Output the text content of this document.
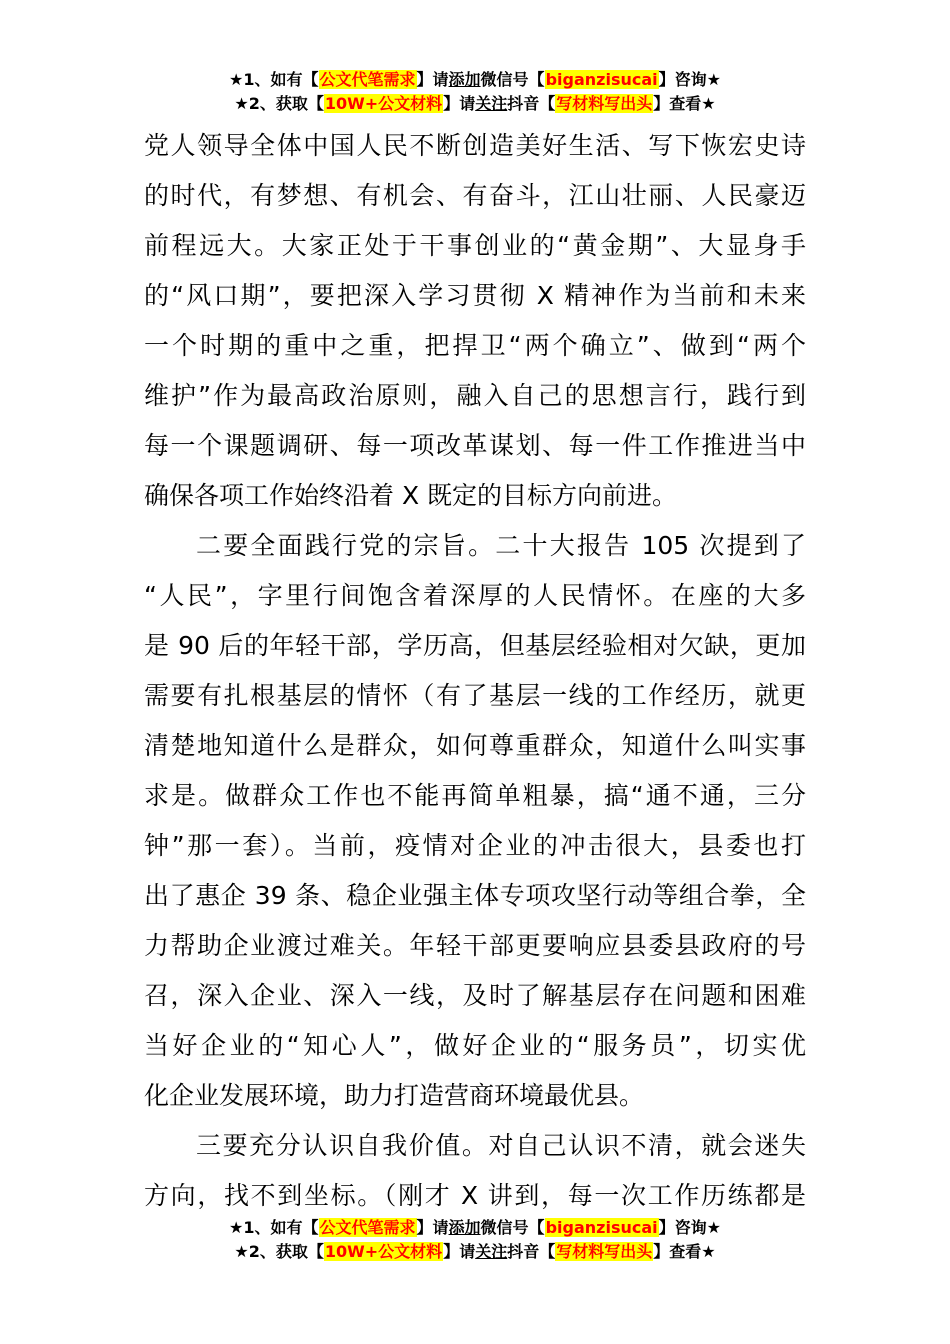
★1、如有【公文代笔需求】请添加微信号【biganzisucai】咨询★
★2、获取【10W+公文材料】请关注抖音【写材料写出头】查看★
党人领导全体中国人民不断创造美好生活、写下恢宏史诗
的时代，有梦想、有机会、有奋斗，江山壮丽、人民豪迈
前程远大。大家正处于干事创业的“黄金期”、大显身手
的“风口期”，要把深入学习贯彻 X 精神作为当前和未来
一个时期的重中之重，把捍卫“两个确立”、做到“两个
维护”作为最高政治原则，融入自己的思想言行，践行到
每一个课题调研、每一项改革谋划、每一件工作推进当中
确保各项工作始终沿着 X 既定的目标方向前进。
二要全面践行党的宗旨。二十大报告 105 次提到了
“人民”，字里行间饱含着深厚的人民情怀。在座的大多
是 90 后的年轻干部，学历高，但基层经验相对欠缺，更加
需要有扎根基层的情怀（有了基层一线的工作经历，就更
清楚地知道什么是群众，如何尊重群众，知道什么叫实事
求是。做群众工作也不能再简单粗暴，搞“通不通，三分
钟”那一套）。当前，疫情对企业的冲击很大，县委也打
出了惠企 39 条、稳企业强主体专项攻坚行动等组合拳，全
力帮助企业渡过难关。年轻干部更要响应县委县政府的号
召，深入企业、深入一线，及时了解基层存在问题和困难
当好企业的“知心人”，做好企业的“服务员”，切实优
化企业发展环境，助力打造营商环境最优县。
三要充分认识自我价值。对自己认识不清，就会迷失
方向，找不到坐标。（刚才 X 讲到，每一次工作历练都是
★1、如有【公文代笔需求】请添加微信号【biganzisucai】咨询★
★2、获取【10W+公文材料】请关注抖音【写材料写出头】查看★
